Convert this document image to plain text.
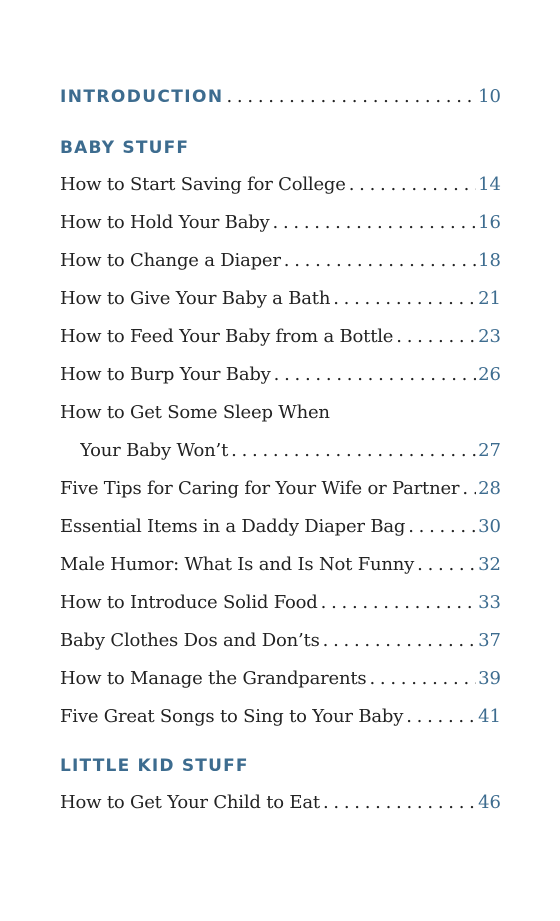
INTRODUCTION . . .	10
BABY STUFF
How to Start Saving for College . . .	14
How to Hold Your Baby . . .	16
How to Change a Diaper . . .	18
How to Give Your Baby a Bath . . .	21
How to Feed Your Baby from a Bottle . . .	23
How to Burp Your Baby . . .	26
How to Get Some Sleep When
Your Baby Won’t . . .	27
Five Tips for Caring for Your Wife or Partner . . . 28
Essential Items in a Daddy Diaper Bag . . .	30
Male Humor: What Is and Is Not Funny . . .	32
How to Introduce Solid Food . . .	33
Baby Clothes Dos and Don’ts . . .	37
How to Manage the Grandparents . . .	39
Five Great Songs to Sing to Your Baby . . .	41
LITTLE KID STUFF
How to Get Your Child to Eat . . .	46
